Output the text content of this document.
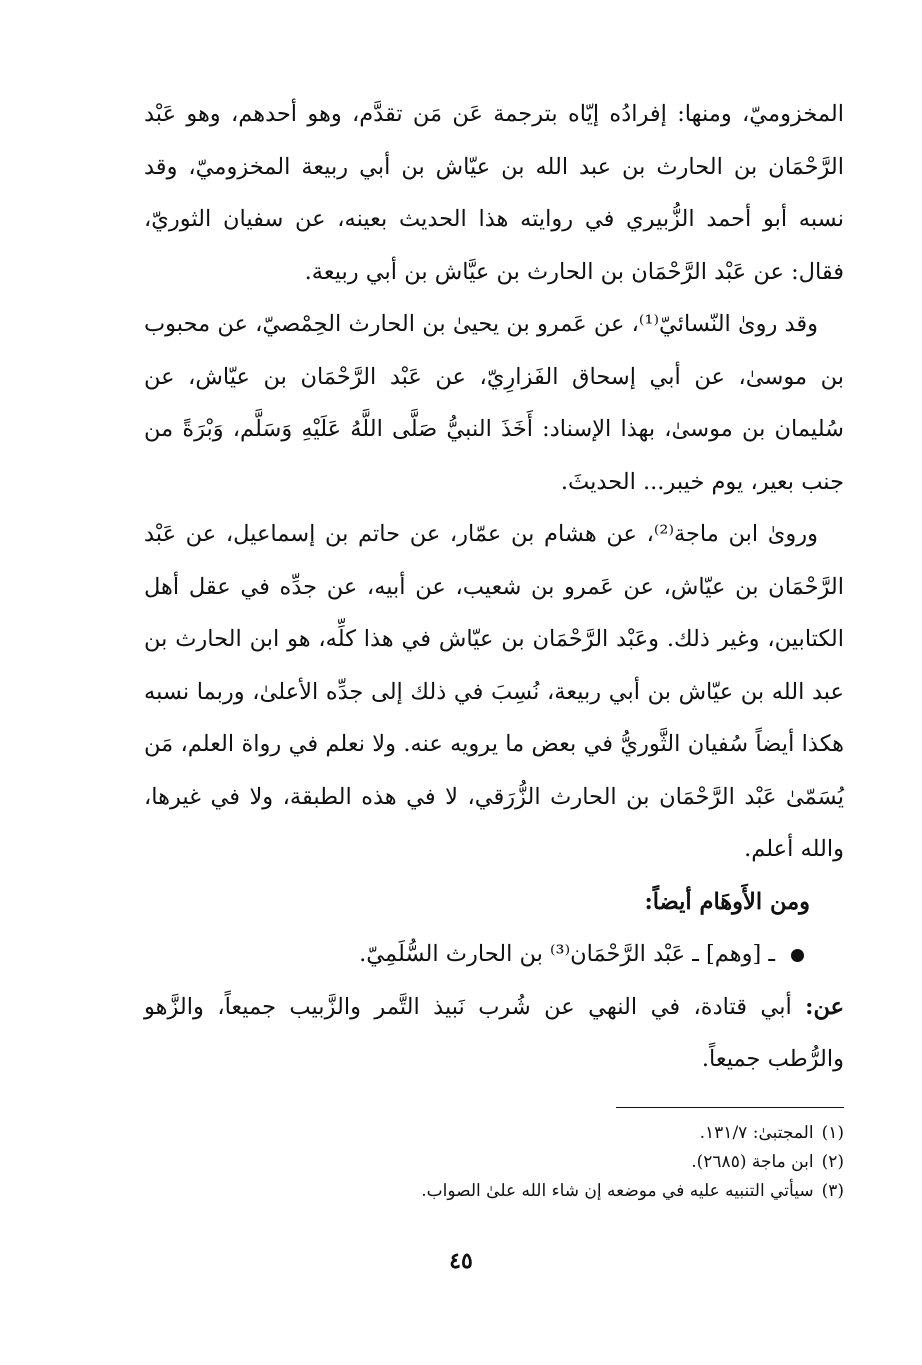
المخزوميّ، ومنها: إفرادُه إيّاه بترجمة عَن مَن تقدَّم، وهو أحدهم، وهو عَبْد الرَّحْمَان بن الحارث بن عبد الله بن عيّاش بن أبي ربيعة المخزوميّ، وقد نسبه أبو أحمد الزُّبيري في روايته هذا الحديث بعينه، عن سفيان الثوريّ، فقال: عن عَبْد الرَّحْمَان بن الحارث بن عيَّاش بن أبي ربيعة.

وقد روىٰ النّسائيّ⁽¹⁾، عن عَمرو بن يحيىٰ بن الحارث الحِمْصيّ، عن محبوب بن موسىٰ، عن أبي إسحاق الفَزارِيّ، عن عَبْد الرَّحْمَان بن عيّاش، عن سُليمان بن موسىٰ، بهذا الإسناد: أَخَذَ النبيُّ صَلَّى اللَّهُ عَلَيْهِ وَسَلَّم، وَبْرَةً من جنب بعير، يوم خيبر... الحديثَ.

وروىٰ ابن ماجة⁽²⁾، عن هشام بن عمّار، عن حاتم بن إسماعيل، عن عَبْد الرَّحْمَان بن عيّاش، عن عَمرو بن شعيب، عن أبيه، عن جدِّه في عقل أهل الكتابين، وغير ذلك. وعَبْد الرَّحْمَان بن عيّاش في هذا كلِّه، هو ابن الحارث بن عبد الله بن عيّاش بن أبي ربيعة، نُسِبَ في ذلك إلى جدِّه الأعلىٰ، وربما نسبه هكذا أيضاً سُفيان الثَّوريُّ في بعض ما يرويه عنه. ولا نعلم في رواة العلم، مَن يُسَمّىٰ عَبْد الرَّحْمَان بن الحارث الزُّرَقي، لا في هذه الطبقة، ولا في غيرها، والله أعلم.

ومن الأَوهَام أيضاً:

ـ [وهم] ـ عَبْد الرَّحْمَان⁽³⁾ بن الحارث السُّلَمِيّ.

عن: أبي قتادة، في النهي عن شُرب نَبيذ التَّمر والزَّبيب جميعاً، والزَّهو والرُّطب جميعاً.

(١)المجتبىٰ: ١٣١/٧.

(٢)ابن ماجة (٢٦٨٥).

(٣)سيأتي التنبيه عليه في موضعه إن شاء الله علىٰ الصواب.

٤٥
